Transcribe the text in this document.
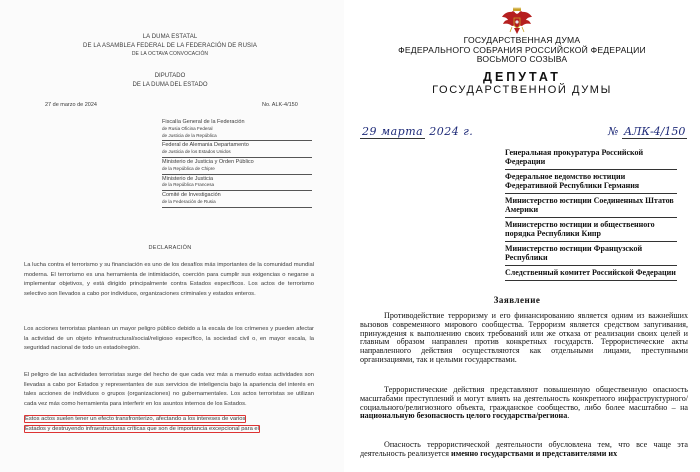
LA DUMA ESTATAL
DE LA ASAMBLEA FEDERAL DE LA FEDERACIÓN DE RUSIA
DE LA OCTAVA CONVOCACIÓN
DIPUTADO
DE LA DUMA DEL ESTADO
27 de marzo de 2024	No. ALK-4/150
Fiscalía General de la Federación
de Rusia Oficina Federal
de Justicia de la República
Federal de Alemania Departamento
de Justicia de los Estados Unidos
Ministerio de Justicia y Orden Público
de la República de Chipre
Ministerio de Justicia
de la República Francesa
Comité de Investigación
de la Federación de Rusia
DECLARACIÓN

La lucha contra el terrorismo y su financiación es uno de los desafíos más importantes de la comunidad mundial moderna. El terrorismo es una herramienta de intimidación, coerción para cumplir sus exigencias o negarse a implementar objetivos, y está dirigido principalmente contra Estados específicos. Los actos de terrorismo selectivo son llevados a cabo por individuos, organizaciones criminales y estados enteros.

Los acciones terroristas plantean un mayor peligro público debido a la escala de los crímenes y pueden afectar la actividad de un objeto infraestructural/social/religioso específico, la sociedad civil o, en mayor escala, la seguridad nacional de todo un estado/región.

El peligro de las actividades terroristas surge del hecho de que cada vez más a menudo estas actividades son llevadas a cabo por Estados y representantes de sus servicios de inteligencia bajo la apariencia del interés en tales acciones de individuos o grupos (organizaciones) no gubernamentales. Los actos terroristas se utilizan cada vez más como herramienta para interferir en los asuntos internos de los Estados.

Estos actos suelen tener un efecto transfronterizo, afectando a los intereses de varios
Estados y destruyendo infraestructuras críticas que son de importancia excepcional para el

ГОСУДАРСТВЕННАЯ ДУМА
ФЕДЕРАЛЬНОГО СОБРАНИЯ РОССИЙСКОЙ ФЕДЕРАЦИИ
ВОСЬМОГО СОЗЫВА
ДЕПУТАТ
ГОСУДАРСТВЕННОЙ ДУМЫ
29 марта 2024 г.	№ АЛК-4/150
Генеральная прокуратура Российской Федерации
Федеральное ведомство юстиции Федеративной Республики Германия
Министерство юстиции Соединенных Штатов Америки
Министерство юстиции и общественного порядка Республики Кипр
Министерство юстиции Французской Республики
Следственный комитет Российской Федерации
Заявление

Противодействие терроризму и его финансированию является одним из важнейших вызовов современного мирового сообщества. Терроризм является средством запугивания, принуждения к выполнению своих требований или же отказа от реализации своих целей и главным образом направлен против конкретных государств. Террористические акты направленного действия осуществляются как отдельными лицами, преступными организациями, так и целыми государствами.

Террористические действия представляют повышенную общественную опасность масштабами преступлений и могут влиять на деятельность конкретного инфраструктурного/социального/религиозного объекта, гражданское сообщество, либо более масштабно – на национальную безопасность целого государства/региона.

Опасность террористической деятельности обусловлена тем, что все чаще эта деятельность реализуется именно государствами и представителями их
